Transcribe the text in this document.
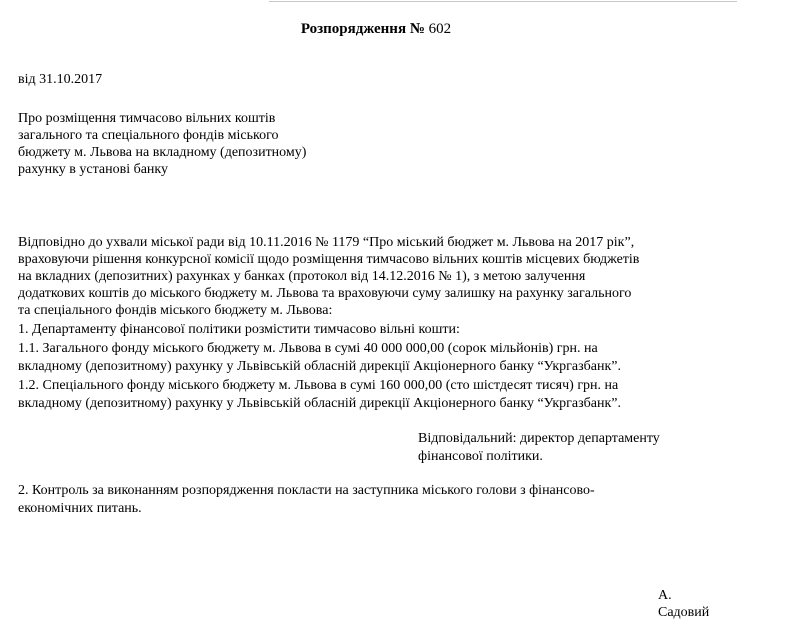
Розпорядження № 602
від 31.10.2017
Про розміщення тимчасово вільних коштів
загального та спеціального фондів міського
бюджету м. Львова на вкладному (депозитному)
рахунку в установі банку
Відповідно до ухвали міської ради від 10.11.2016 № 1179 “Про міський бюджет м. Львова на 2017 рік”,
враховуючи рішення конкурсної комісії щодо розміщення тимчасово вільних коштів місцевих бюджетів
на вкладних (депозитних) рахунках у банках (протокол від 14.12.2016 № 1), з метою залучення
додаткових коштів до міського бюджету м. Львова та враховуючи суму залишку на рахунку загального
та спеціального фондів міського бюджету м. Львова:
1. Департаменту фінансової політики розмістити тимчасово вільні кошти:
1.1. Загального фонду міського бюджету м. Львова в сумі 40 000 000,00 (сорок мільйонів) грн. на
вкладному (депозитному) рахунку у Львівській обласній дирекції Акціонерного банку “Укргазбанк”.
1.2. Спеціального фонду міського бюджету м. Львова в сумі 160 000,00 (сто шістдесят тисяч) грн. на
вкладному (депозитному) рахунку у Львівській обласній дирекції Акціонерного банку “Укргазбанк”.
Відповідальний: директор департаменту
фінансової політики.
2. Контроль за виконанням розпорядження покласти на заступника міського голови з фінансово-
економічних питань.
А.
Садовий
